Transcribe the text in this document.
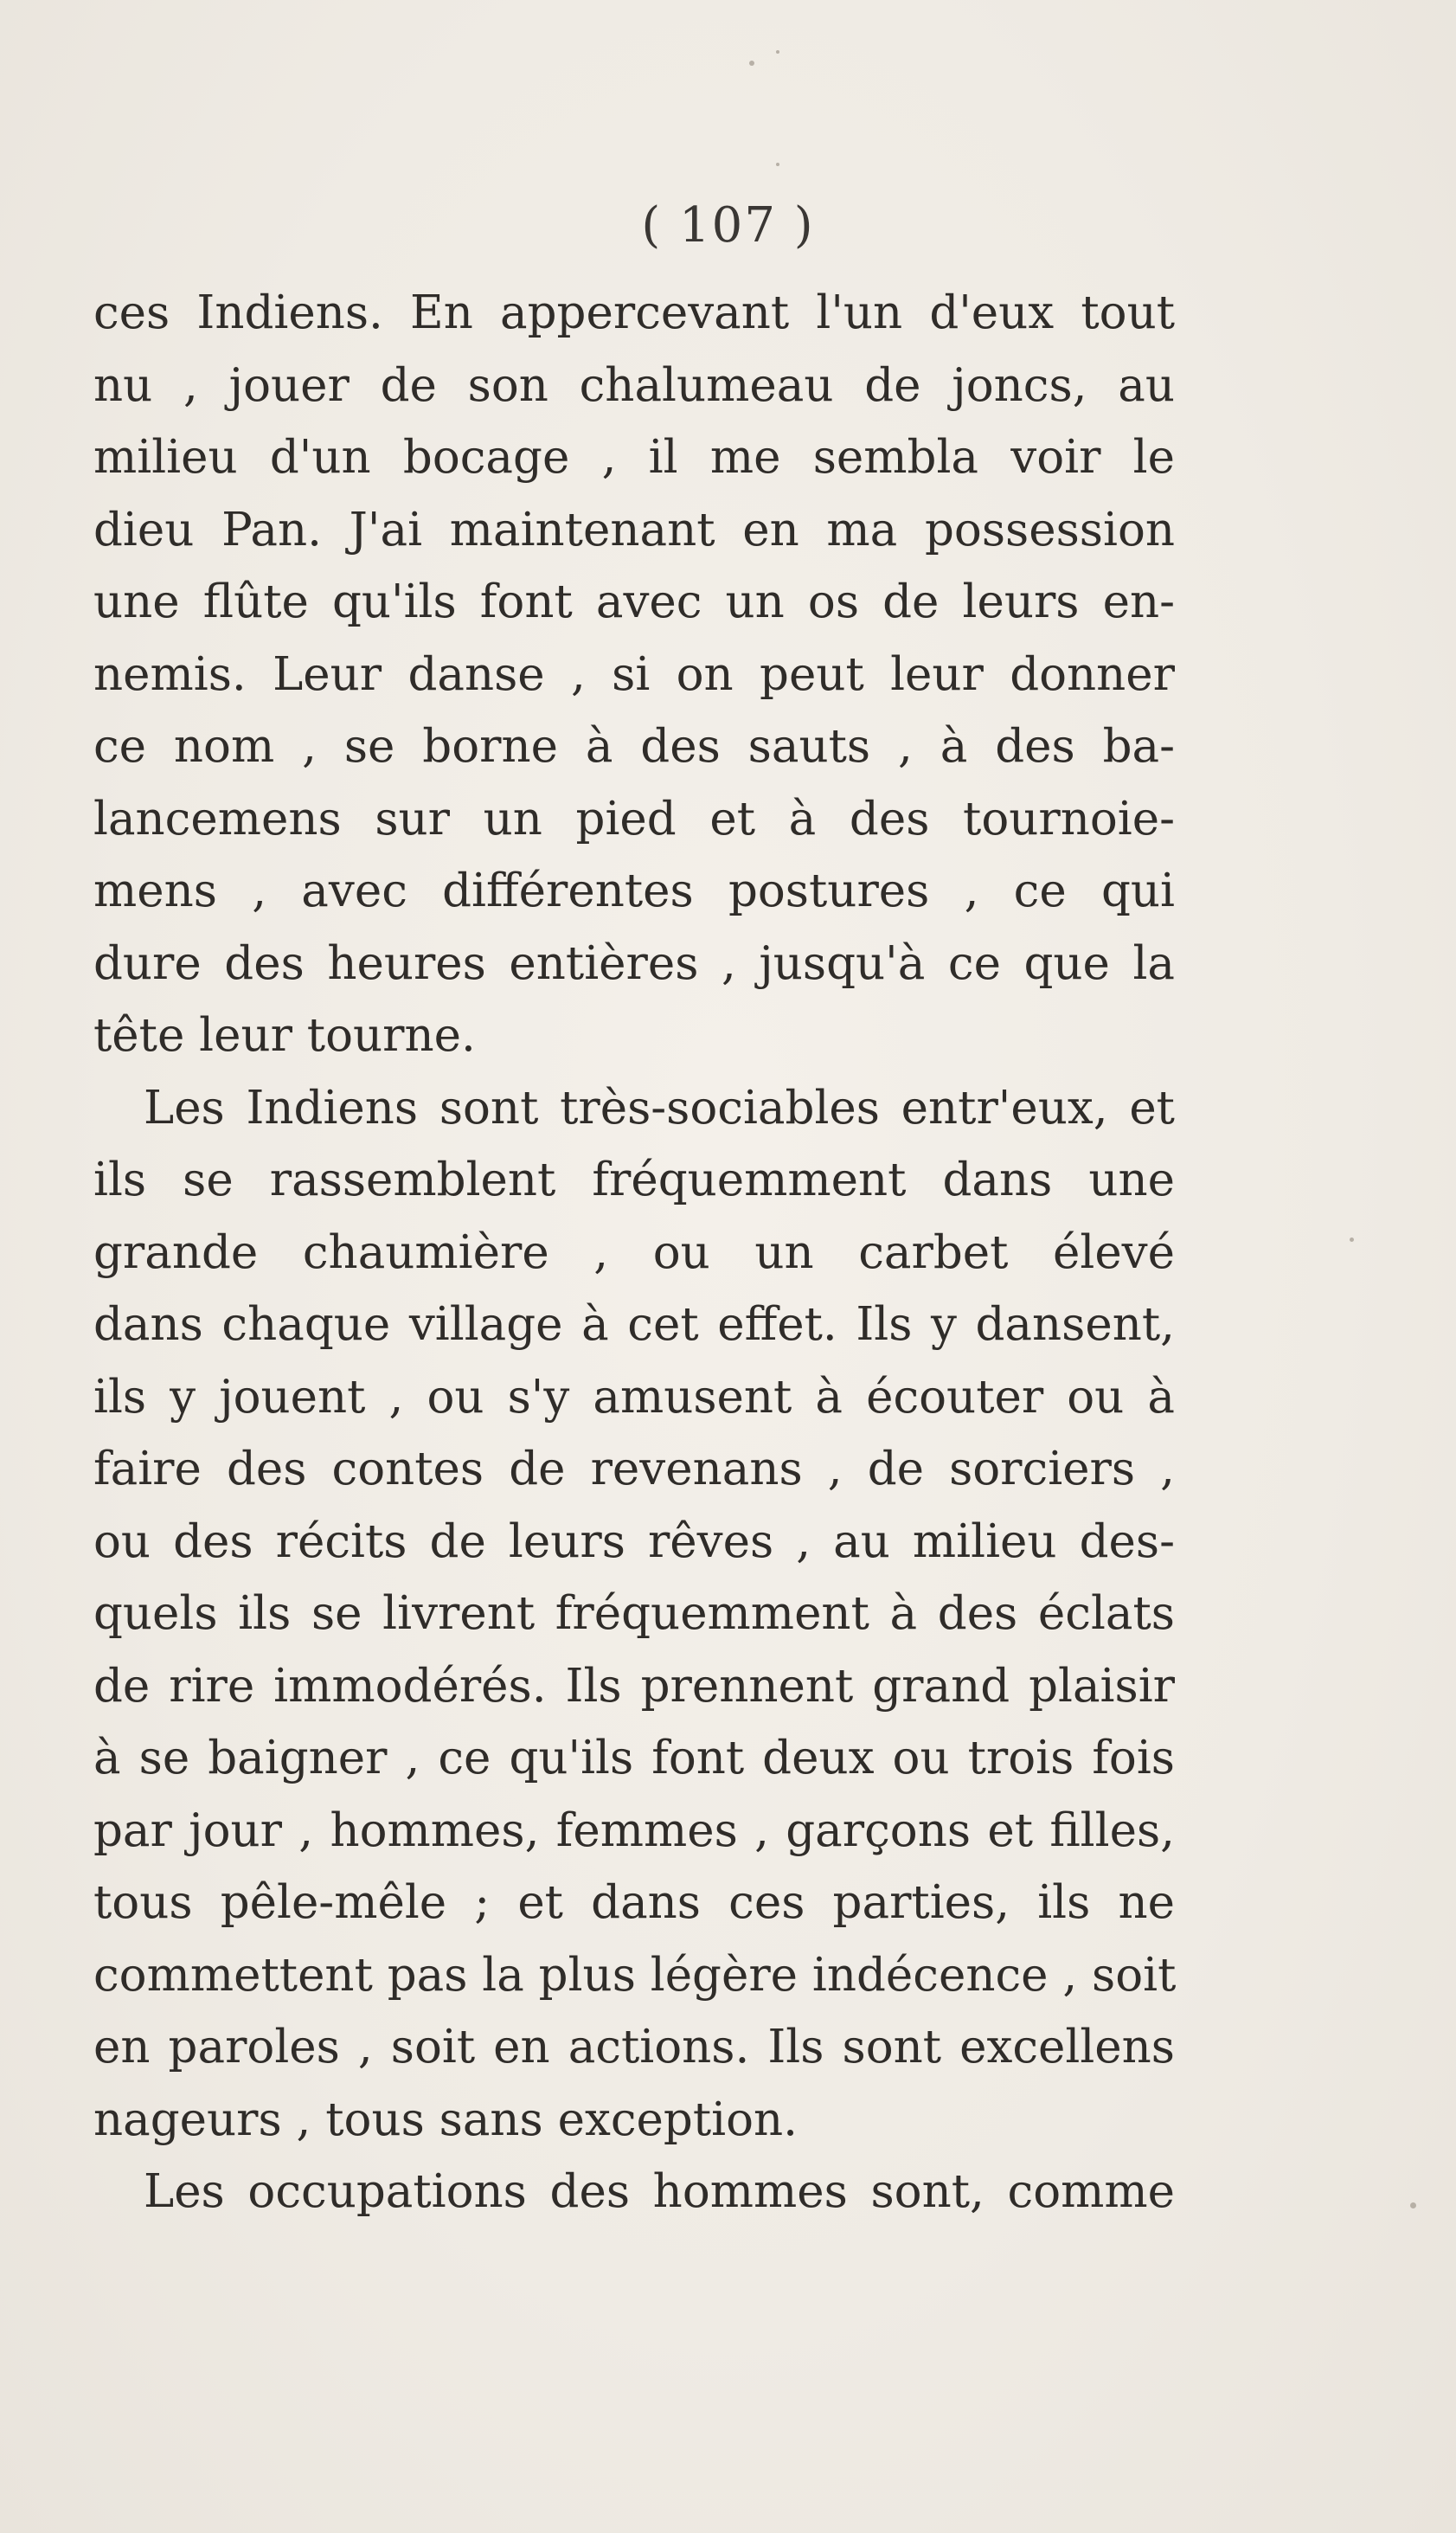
( 107 )
ces Indiens. En appercevant l'un d'eux tout
nu , jouer de son chalumeau de joncs, au
milieu d'un bocage , il me sembla voir le
dieu Pan. J'ai maintenant en ma possession
une flûte qu'ils font avec un os de leurs en-
nemis. Leur danse , si on peut leur donner
ce nom , se borne à des sauts , à des ba-
lancemens sur un pied et à des tournoie-
mens , avec différentes postures , ce qui
dure des heures entières , jusqu'à ce que la
tête leur tourne.
Les Indiens sont très-sociables entr'eux, et
ils se rassemblent fréquemment dans une
grande chaumière , ou un carbet élevé
dans chaque village à cet effet. Ils y dansent,
ils y jouent , ou s'y amusent à écouter ou à
faire des contes de revenans , de sorciers ,
ou des récits de leurs rêves , au milieu des-
quels ils se livrent fréquemment à des éclats
de rire immodérés. Ils prennent grand plaisir
à se baigner , ce qu'ils font deux ou trois fois
par jour , hommes, femmes , garçons et filles,
tous pêle-mêle ; et dans ces parties, ils ne
commettent pas la plus légère indécence , soit
en paroles , soit en actions. Ils sont excellens
nageurs , tous sans exception.
Les occupations des hommes sont, comme
